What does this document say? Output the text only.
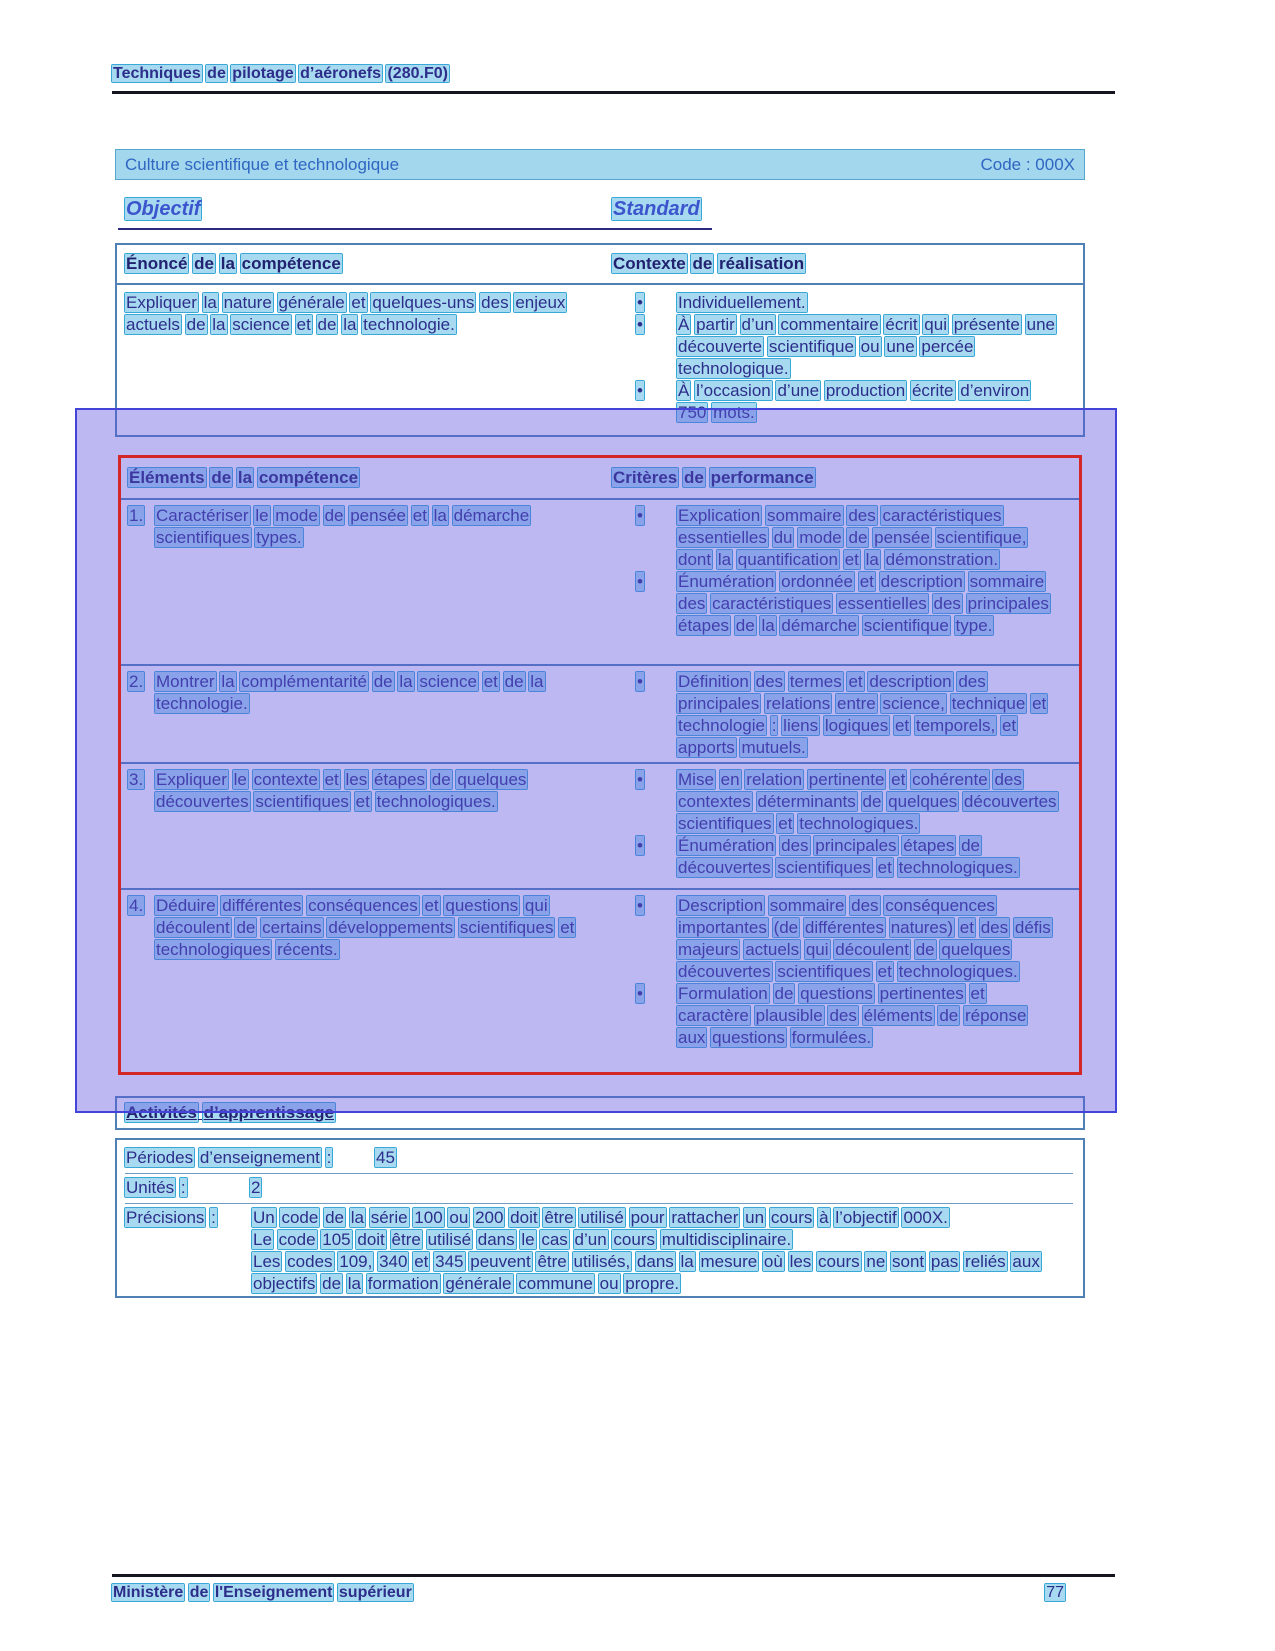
Techniques de pilotage d’aéronefs (280.F0)
Culture scientifique et technologique	Code : 000X
Objectif	Standard
Énoncé de la compétence	Contexte de réalisation
Expliquer la nature générale et quelques-uns des enjeux actuels de la science et de la technologie.
•	Individuellement.
•	À partir d’un commentaire écrit qui présente une découverte scientifique ou une percée technologique.
•	À l’occasion d’une production écrite d’environ 750 mots.
Éléments de la compétence	Critères de performance
1. Caractériser le mode de pensée et la démarche scientifiques types.
•	Explication sommaire des caractéristiques essentielles du mode de pensée scientifique, dont la quantification et la démonstration.
•	Énumération ordonnée et description sommaire des caractéristiques essentielles des principales étapes de la démarche scientifique type.
2. Montrer la complémentarité de la science et de la technologie.
•	Définition des termes et description des principales relations entre science, technique et technologie : liens logiques et temporels, et apports mutuels.
3. Expliquer le contexte et les étapes de quelques découvertes scientifiques et technologiques.
•	Mise en relation pertinente et cohérente des contextes déterminants de quelques découvertes scientifiques et technologiques.
•	Énumération des principales étapes de découvertes scientifiques et technologiques.
4. Déduire différentes conséquences et questions qui découlent de certains développements scientifiques et technologiques récents.
•	Description sommaire des conséquences importantes (de différentes natures) et des défis majeurs actuels qui découlent de quelques découvertes scientifiques et technologiques.
•	Formulation de questions pertinentes et caractère plausible des éléments de réponse aux questions formulées.
Activités d’apprentissage
Périodes d’enseignement :	45
Unités :	2
Précisions :	Un code de la série 100 ou 200 doit être utilisé pour rattacher un cours à l’objectif 000X.
Le code 105 doit être utilisé dans le cas d’un cours multidisciplinaire.
Les codes 109, 340 et 345 peuvent être utilisés, dans la mesure où les cours ne sont pas reliés aux objectifs de la formation générale commune ou propre.
Ministère de l'Enseignement supérieur	77
